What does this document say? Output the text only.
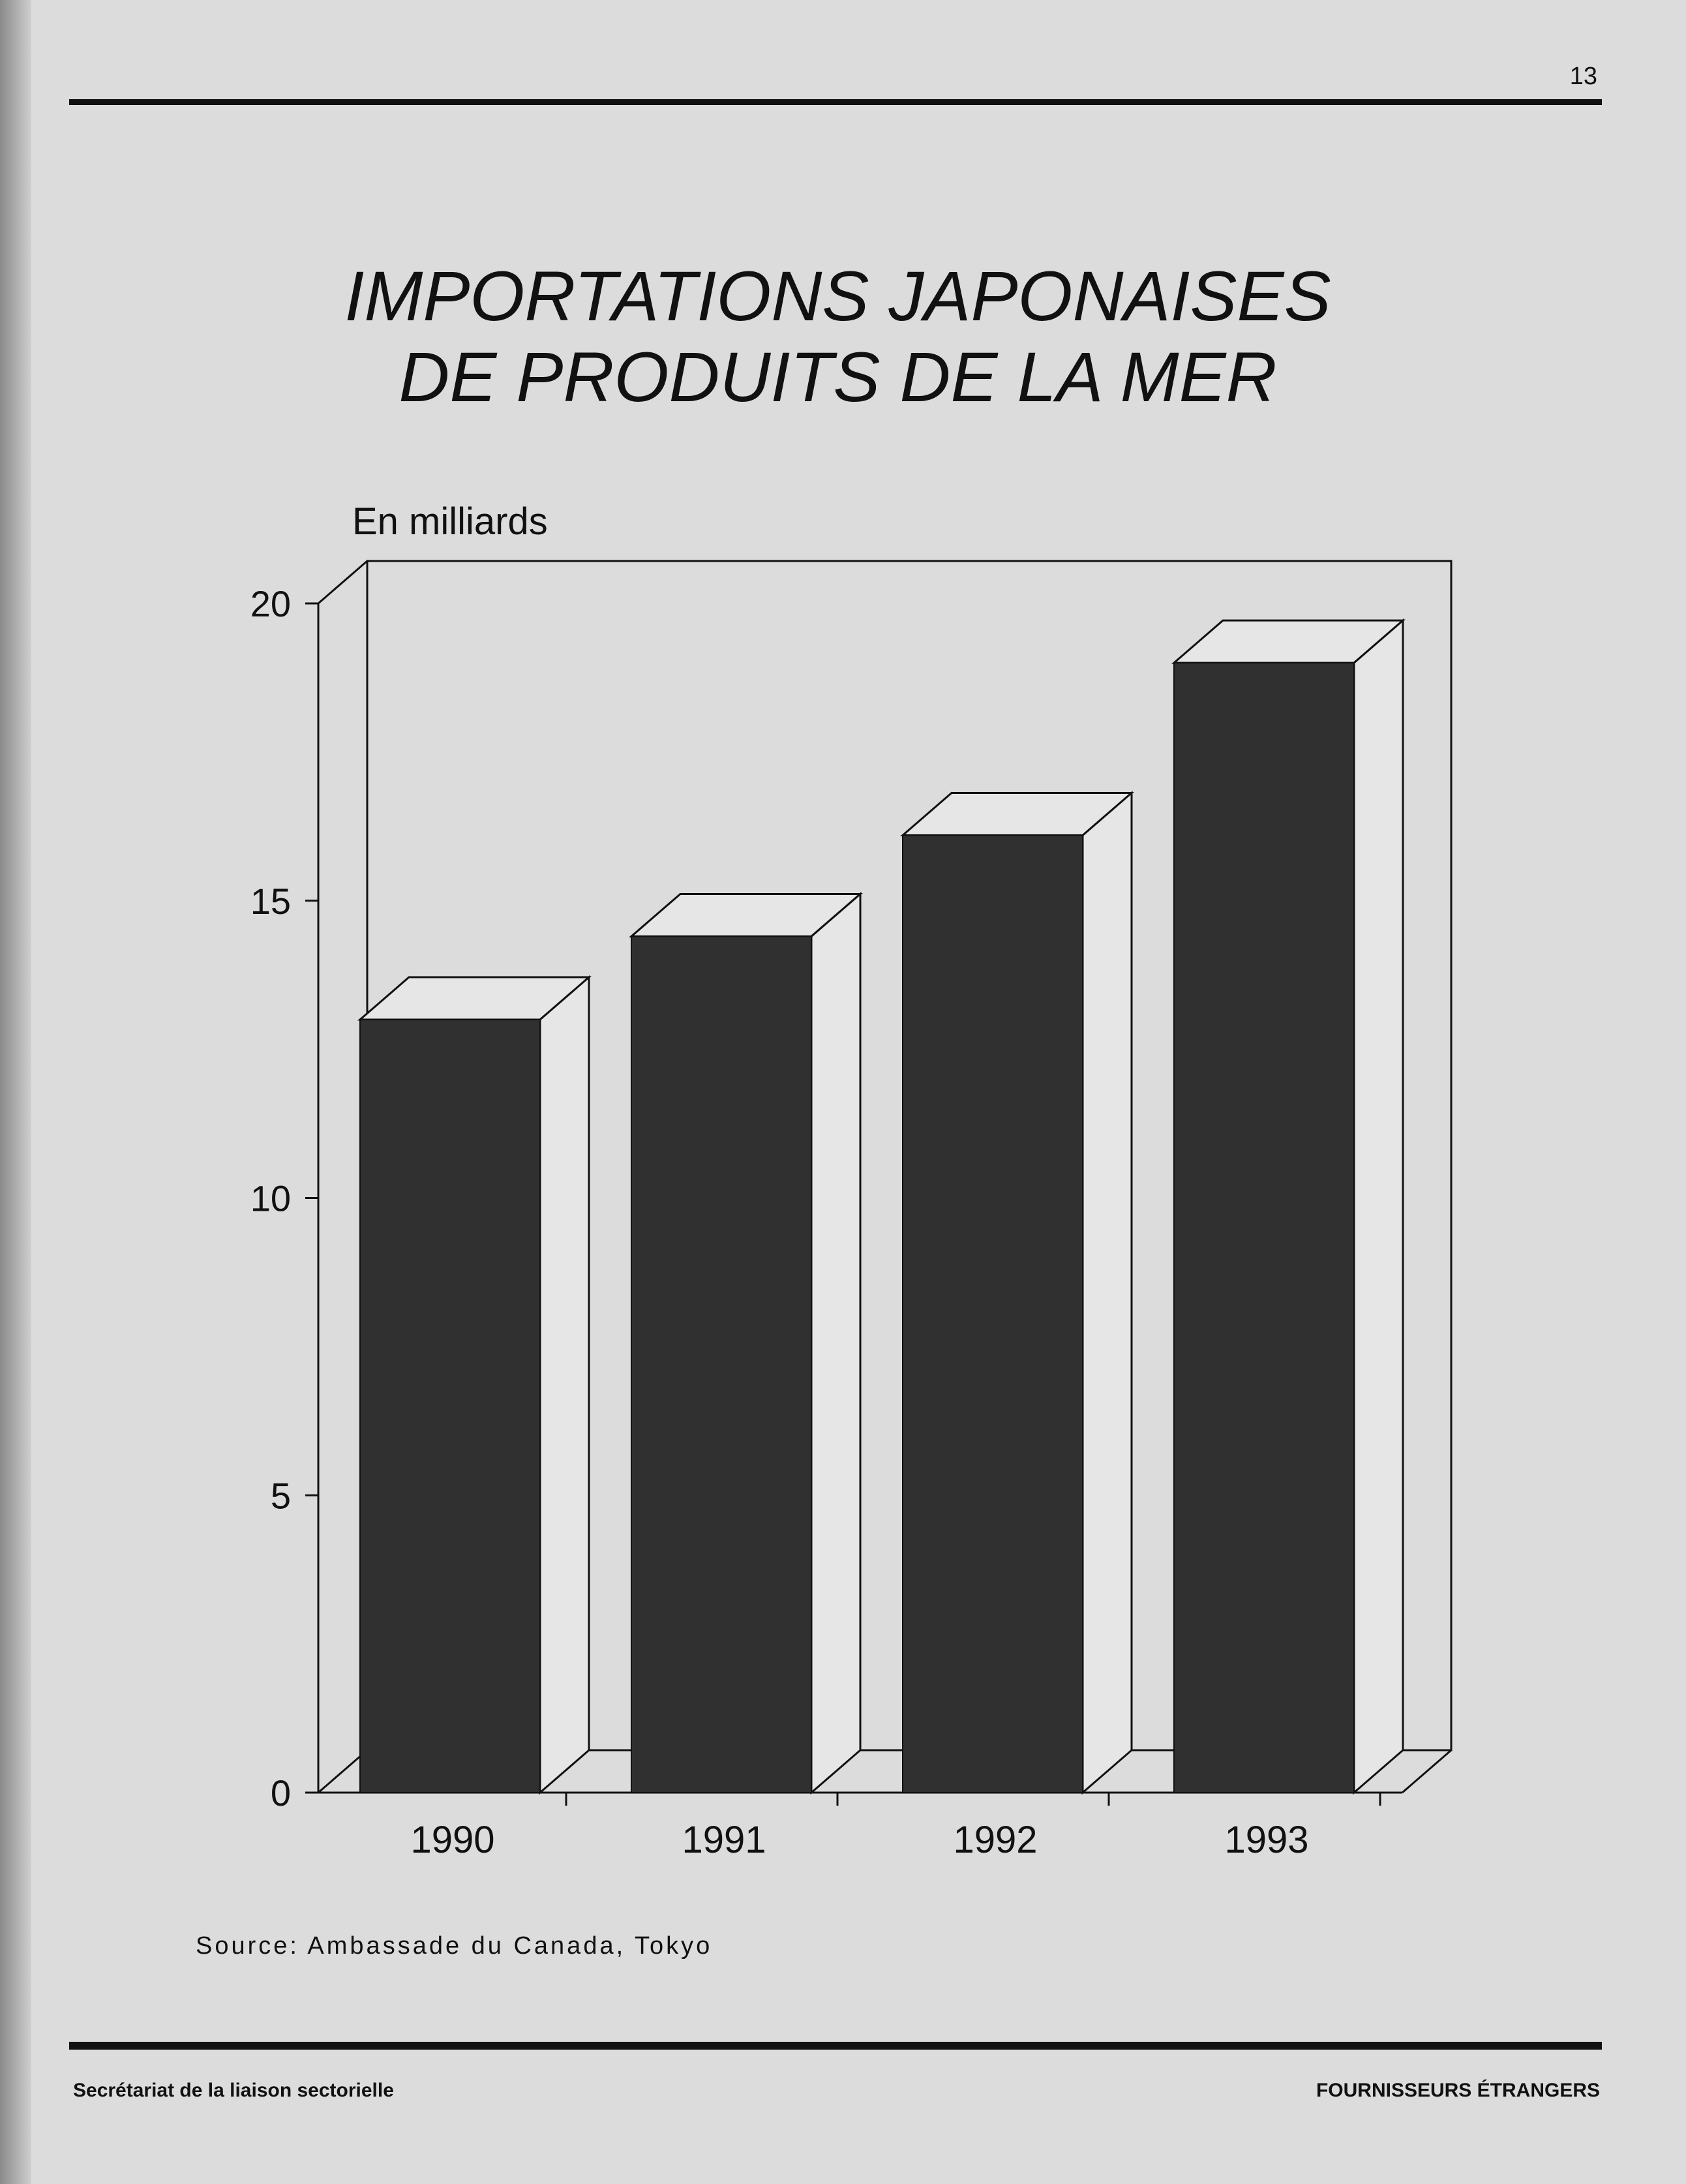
13
IMPORTATIONS JAPONAISES
DE PRODUITS DE LA MER
En milliards
0
5
10
15
20
1990	1991	1992	1993
Source: Ambassade du Canada, Tokyo
Secrétariat de la liaison sectorielle	FOURNISSEURS ÉTRANGERS
